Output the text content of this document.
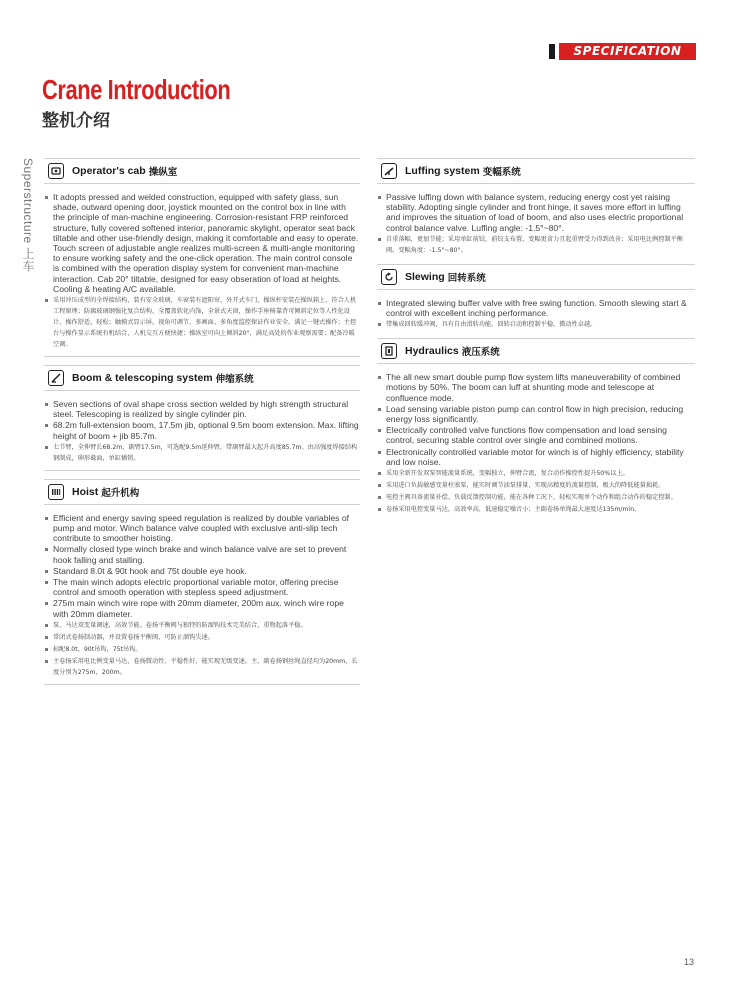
SPECIFICATION
Crane Introduction
整机介绍
Superstructure 上车	Operator's cab 操纵室
It adopts pressed and welded construction, equipped with safety glass, sun shade, outward opening door, joystick mounted on the control box in line with the principle of man-machine engineering. Corrosion-resistant FRP reinforced structure, fully covered softened interior, panoramic skylight, operator seat back tiltable and other use-friendly design, making it comfortable and easy to operate. Touch screen of adjustable angle realizes multi-screen & multi-angle monitoring to ensure working safety and the one-click operation. The main control console is combined with the operation display system for convenient man-machine interaction. Cab 20° tiltable, designed for easy obseration of load at heights. Cooling & heating A/C available.
采用冲压成型的全焊接结构，装有安全玻璃，车窗装有遮阳帘，外开式车门，操纵杆安装在操纵箱上，符合人机工程原理；防腐玻璃钢强化复合结构，全覆盖软化内饰，全景式天窗，操作手座椅靠背可倾斜定位等人性化设计，操作舒适，轻松；触摸式显示屏，视角可调节，多画面、多角度监控保证作业安全，满足一键式操作；主控台与操作显示系统有机结合，人机交互方便快捷；操纵室可向上倾斜20°，满足高处的作业观察需要；配备冷暖空调。
Boom & telescoping system 伸缩系统
Seven sections of oval shape cross section welded by high strength structural steel. Telescoping is realized by single cylinder pin.
68.2m full-extension boom, 17.5m jib, optional 9.5m boom extension. Max. lifting height of boom + jib 85.7m.
七节臂，全伸臂长68.2m，副臂17.5m，可选配9.5m延伸臂，带副臂最大起升高度85.7m。由高强度焊接结构钢制成，卵形截面，单缸插销。
Hoist 起升机构
Efficient and energy saving speed regulation is realized by double variables of pump and motor. Winch balance valve coupled with exclusive anti-slip tech contribute to smoother hoisting.
Normally closed type winch brake and winch balance valve are set to prevent hook falling and stalling.
Standard 8.0t & 90t hook and 75t double eye hook.
The main winch adopts electric proportional variable motor, offering precise control and smooth operation with stepless speed adjustment.
275m main winch wire rope with 20mm diameter, 200m aux. winch wire rope with 20mm diameter.
泵、马达双变量调速，高效节能。卷扬平衡阀与独特的防溜钩技术完美结合，重物起落平稳。
常闭式卷扬制动器，并设置卷扬平衡阀，可防止溜钩失速。
标配8.0t、90t吊钩，75t吊钩。
主卷扬采用电比例变量马达，卷扬微动性、平稳性好，能实现无级变速。主、副卷扬钢丝绳直径均为20mm，长度分别为275m，200m。
Luffing system 变幅系统
Passive luffing down with balance system, reducing energy cost yet raising stability. Adopting single cylinder and front hinge, it saves more effort in luffing and improves the situation of load of boom, and also uses electric proportional control balance valve. Luffing angle: -1.5°~80°.
自重落幅，更加节能；采用单缸前铰，前铰支布置，变幅更省力且起重臂受力得到改善；采用电比例控制平衡阀。变幅角度：-1.5°~80°。
Slewing 回转系统
Integrated slewing buffer valve with free swing function. Smooth slewing start & control with excellent inching performance.
带集成回转缓冲阀，具有自由滑转功能，回转启动和控制平稳，微动性卓越。
Hydraulics 液压系统
The all new smart double pump flow system lifts maneuverability of combined motions by 50%. The boom can luff at shunting mode and telescope at confluence mode.
Load sensing variable piston pump can control flow in high precision, reducing energy loss significantly.
Electrically controlled valve functions flow compensation and load sensing control, securing stable control over single and combined motions.
Electronically controlled variable motor for winch is of highly efficiency, stability and low noise.
采用全新开发双泵智能流量系统，变幅独立，伸臂合流，复合动作操控性提升50%以上。
采用进口负载敏感变量柱塞泵，能实时调节油泵排量，实现高精度的流量控制，极大的降低能量损耗。
电控主阀具备流量补偿、负载反馈控制功能，能在各种工况下，轻松实现单个动作和组合动作的稳定控制。
卷扬采用电控变量马达，高效率高，低速稳定噪音小；主副卷扬单绳最大速度达135m/min。
13
